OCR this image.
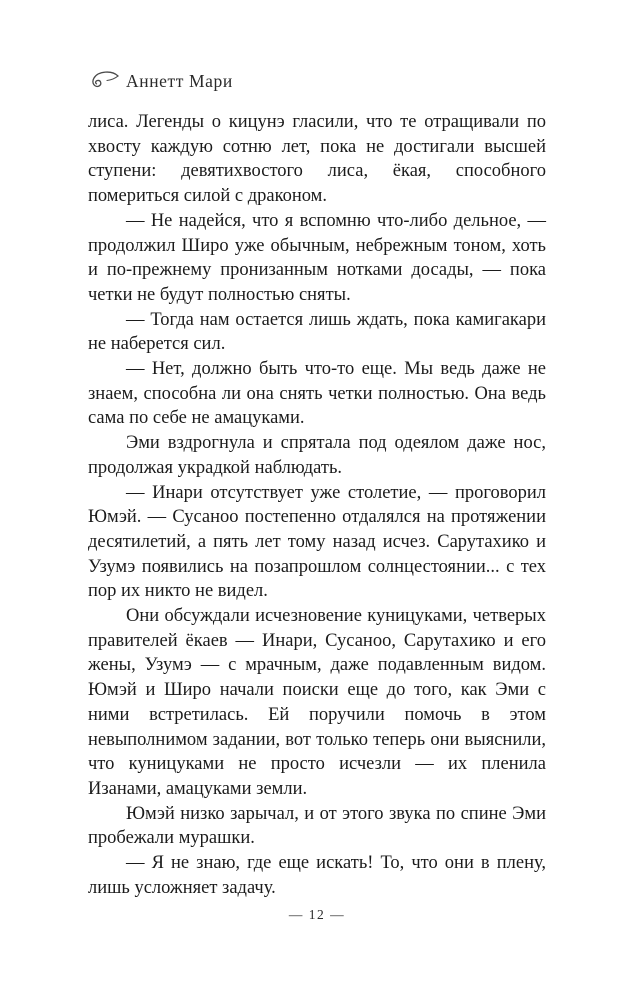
Аннетт Мари

лиса. Легенды о кицунэ гласили, что те отращивали по хвосту каждую сотню лет, пока не достигали высшей ступени: девятихвостого лиса, ёкая, способного помериться силой с драконом.

— Не надейся, что я вспомню что-либо дельное, — продолжил Широ уже обычным, небрежным тоном, хоть и по-прежнему пронизанным нотками досады, — пока четки не будут полностью сняты.

— Тогда нам остается лишь ждать, пока камигакари не наберется сил.

— Нет, должно быть что-то еще. Мы ведь даже не знаем, способна ли она снять четки полностью. Она ведь сама по себе не амацуками.

Эми вздрогнула и спрятала под одеялом даже нос, продолжая украдкой наблюдать.

— Инари отсутствует уже столетие, — проговорил Юмэй. — Сусаноо постепенно отдалялся на протяжении десятилетий, а пять лет тому назад исчез. Сарутахико и Узумэ появились на позапрошлом солнцестоянии... с тех пор их никто не видел.

Они обсуждали исчезновение куницуками, четверых правителей ёкаев — Инари, Сусаноо, Сарутахико и его жены, Узумэ — с мрачным, даже подавленным видом. Юмэй и Широ начали поиски еще до того, как Эми с ними встретилась. Ей поручили помочь в этом невыполнимом задании, вот только теперь они выяснили, что куницуками не просто исчезли — их пленила Изанами, амацуками земли.

Юмэй низко зарычал, и от этого звука по спине Эми пробежали мурашки.

— Я не знаю, где еще искать! То, что они в плену, лишь усложняет задачу.

— 12 —
